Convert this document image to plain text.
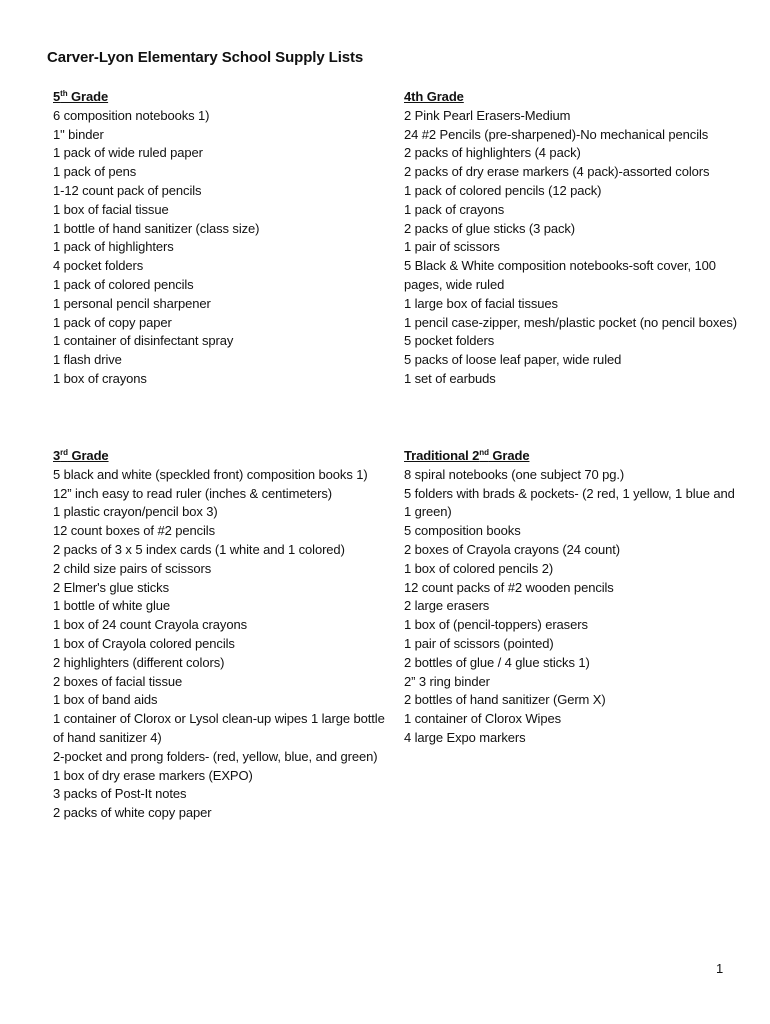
Carver-Lyon Elementary School Supply Lists
5th Grade
6 composition notebooks 1)
1" binder
1 pack of wide ruled paper
1 pack of pens
1-12 count pack of pencils
1 box of facial tissue
1 bottle of hand sanitizer (class size)
1 pack of highlighters
4 pocket folders
1 pack of colored pencils
1 personal pencil sharpener
1 pack of copy paper
1 container of disinfectant spray
1 flash drive
1 box of crayons
4th Grade
2 Pink Pearl Erasers-Medium
24 #2 Pencils (pre-sharpened)-No mechanical pencils
2 packs of highlighters (4 pack)
2 packs of dry erase markers (4 pack)-assorted colors
1 pack of colored pencils (12 pack)
1 pack of crayons
2 packs of glue sticks (3 pack)
1 pair of scissors
5 Black & White composition notebooks-soft cover, 100 pages, wide ruled
1 large box of facial tissues
1 pencil case-zipper, mesh/plastic pocket (no pencil boxes)
5 pocket folders
5 packs of loose leaf paper, wide ruled
1 set of earbuds
3rd Grade
5 black and white (speckled front) composition books 1)
12” inch easy to read ruler (inches & centimeters)
1 plastic crayon/pencil box 3)
12 count boxes of #2 pencils
2 packs of 3 x 5 index cards (1 white and 1 colored)
2 child size pairs of scissors
2 Elmer's glue sticks
1 bottle of white glue
1 box of 24 count Crayola crayons
1 box of Crayola colored pencils
2 highlighters (different colors)
2 boxes of facial tissue
1 box of band aids
1 container of Clorox or Lysol clean-up wipes 1 large bottle of hand sanitizer 4)
2-pocket and prong folders- (red, yellow, blue, and green)
1 box of dry erase markers (EXPO)
3 packs of Post-It notes
2 packs of white copy paper
Traditional 2nd Grade
8 spiral notebooks (one subject 70 pg.)
5 folders with brads & pockets- (2 red, 1 yellow, 1 blue and 1 green)
5 composition books
2 boxes of Crayola crayons (24 count)
1 box of colored pencils 2)
12 count packs of #2 wooden pencils
2 large erasers
1 box of (pencil-toppers) erasers
1 pair of scissors (pointed)
2 bottles of glue / 4 glue sticks 1)
2” 3 ring binder
2 bottles of hand sanitizer (Germ X)
1 container of Clorox Wipes
4 large Expo markers
1
